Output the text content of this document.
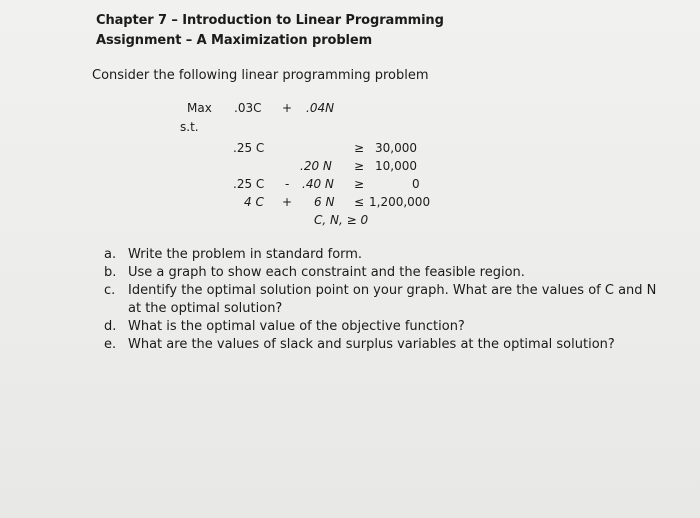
Chapter 7 – Introduction to Linear Programming
Assignment – A Maximization problem
Consider the following linear programming problem
Max .03C + .04N
s.t.
.25 C	≥ 30,000
.20 N ≥ 10,000
.25 C - .40 N ≥	0
4 C + 6 N ≤ 1,200,000
C, N, ≥ 0

a. Write the problem in standard form.

b. Use a graph to show each constraint and the feasible region.

c. Identify the optimal solution point on your graph. What are the values of C and N at the optimal solution?

d. What is the optimal value of the objective function?

e. What are the values of slack and surplus variables at the optimal solution?
